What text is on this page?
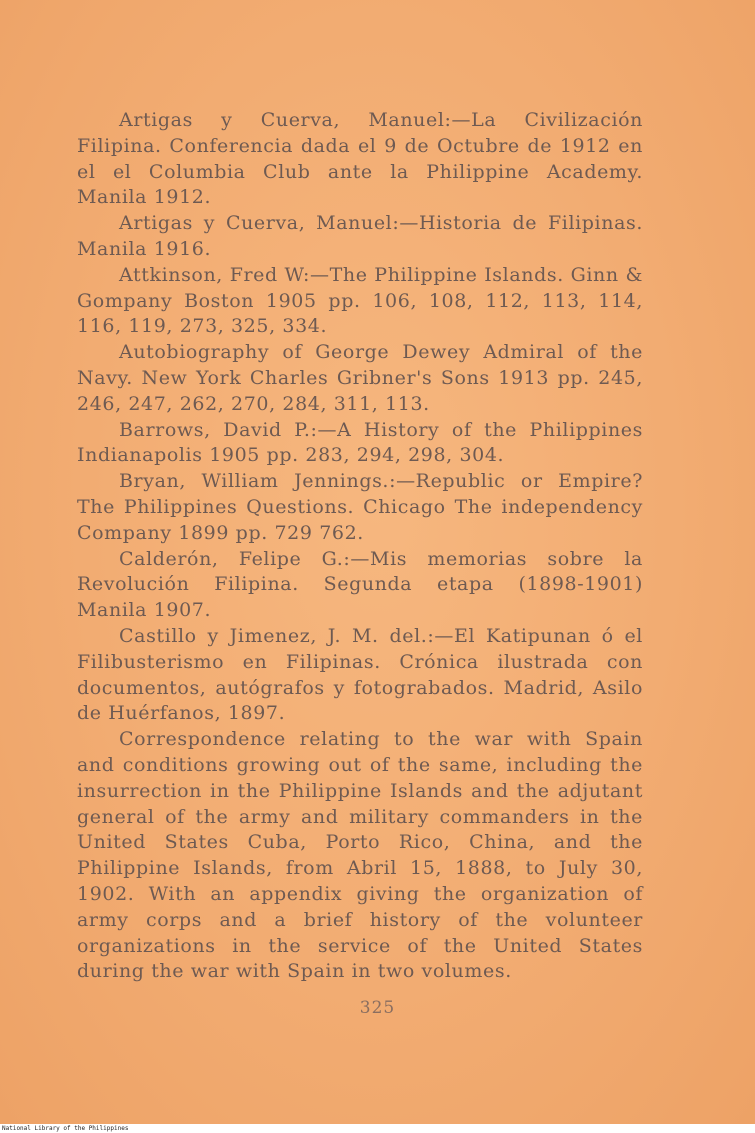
Artigas y Cuerva, Manuel:—La Civilización Filipina. Conferencia dada el 9 de Octubre de 1912 en el el Columbia Club ante la Philippine Academy. Manila 1912.

Artigas y Cuerva, Manuel:—Historia de Filipinas. Manila 1916.

Attkinson, Fred W:—The Philippine Islands. Ginn & Gompany Boston 1905 pp. 106, 108, 112, 113, 114, 116, 119, 273, 325, 334.

Autobiography of George Dewey Admiral of the Navy. New York Charles Gribner's Sons 1913 pp. 245, 246, 247, 262, 270, 284, 311, 113.

Barrows, David P.:—A History of the Philippines Indianapolis 1905 pp. 283, 294, 298, 304.

Bryan, William Jennings.:—Republic or Empire? The Philippines Questions. Chicago The independency Company 1899 pp. 729 762.

Calderón, Felipe G.:—Mis memorias sobre la Revolución Filipina. Segunda etapa (1898-1901) Manila 1907.

Castillo y Jimenez, J. M. del.:—El Katipunan ó el Filibusterismo en Filipinas. Crónica ilustrada con documentos, autógrafos y fotograbados. Madrid, Asilo de Huérfanos, 1897.

Correspondence relating to the war with Spain and conditions growing out of the same, including the insurrection in the Philippine Islands and the adjutant general of the army and military commanders in the United States Cuba, Porto Rico, China, and the Philippine Islands, from Abril 15, 1888, to July 30, 1902. With an appendix giving the organization of army corps and a brief history of the volunteer organizations in the service of the United States during the war with Spain in two volumes.

325
National Library of the Philippines
